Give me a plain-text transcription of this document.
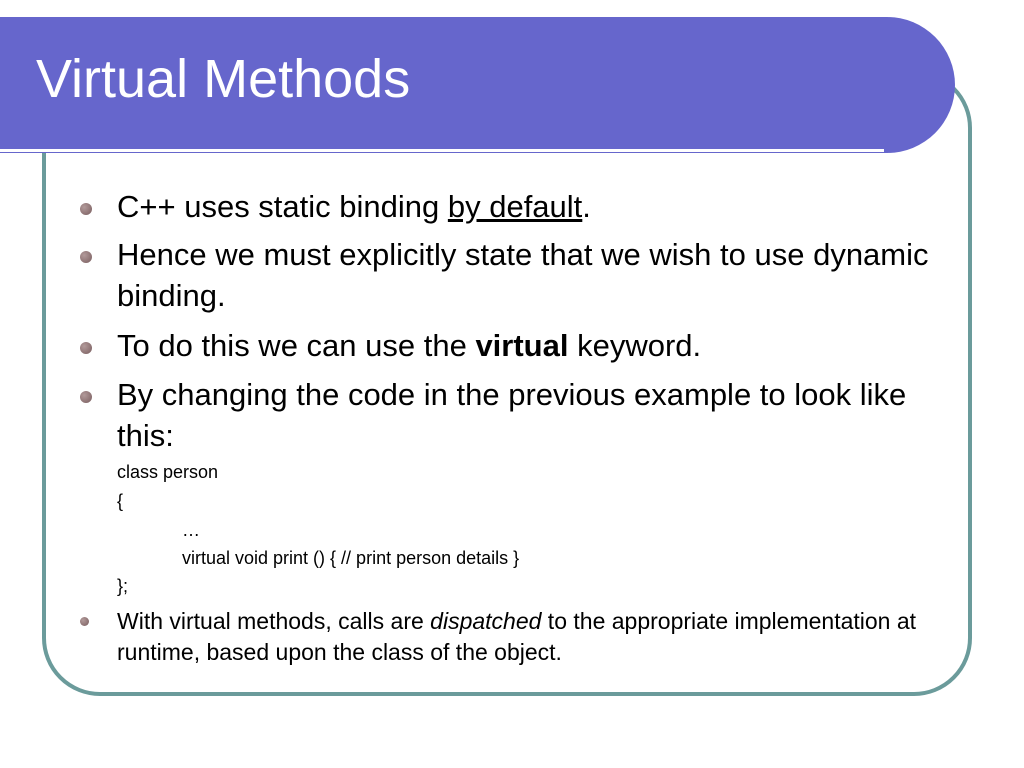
Virtual Methods
C++ uses static binding by default.
Hence we must explicitly state that we wish to use dynamic binding.
To do this we can use the virtual keyword.
By changing the code in the previous example to look like this:
class person
{
…
virtual void print () { // print person details }
};
With virtual methods, calls are dispatched to the appropriate implementation at runtime, based upon the class of the object.
